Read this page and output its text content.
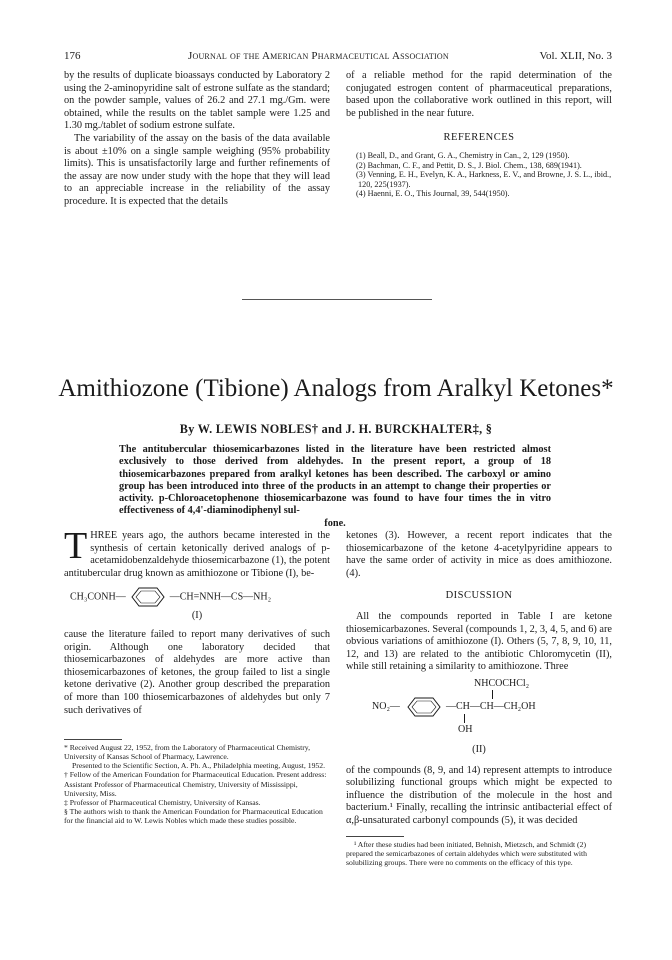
176	Journal of the American Pharmaceutical Association	Vol. XLII, No. 3

by the results of duplicate bioassays conducted by Laboratory 2 using the 2-aminopyridine salt of estrone sulfate as the standard; on the powder sample, values of 26.2 and 27.1 mg./Gm. were obtained, while the results on the tablet sample were 1.25 and 1.30 mg./tablet of sodium estrone sulfate.

The variability of the assay on the basis of the data available is about ±10% on a single sample weighing (95% probability limits). This is unsatisfactorily large and further refinements of the assay are now under study with the hope that they will lead to an appreciable increase in the reliability of the assay procedure. It is expected that the details

of a reliable method for the rapid determination of the conjugated estrogen content of pharmaceutical preparations, based upon the collaborative work outlined in this report, will be published in the near future.

REFERENCES

(1) Beall, D., and Grant, G. A., Chemistry in Can., 2, 129 (1950).

(2) Bachman, C. F., and Pettit, D. S., J. Biol. Chem., 138, 689(1941).

(3) Venning, E. H., Evelyn, K. A., Harkness, E. V., and Browne, J. S. L., ibid., 120, 225(1937).

(4) Haenni, E. O., This Journal, 39, 544(1950).

Amithiozone (Tibione) Analogs from Aralkyl Ketones*
By W. LEWIS NOBLES† and J. H. BURCKHALTER‡, §

The antitubercular thiosemicarbazones listed in the literature have been restricted almost exclusively to those derived from aldehydes. In the present report, a group of 18 thiosemicarbazones prepared from aralkyl ketones has been described. The carboxyl or amino group has been introduced into three of the products in an attempt to change their properties or activity. p-Chloroacetophenone thiosemicarbazone was found to have four times the in vitro effectiveness of 4,4'-diaminodiphenyl sul-

fone.

THREE years ago, the authors became interested in the synthesis of certain ketonically derived analogs of p-acetamidobenzaldehyde thiosemicarbazone (1), the potent antitubercular drug known as amithiozone or Tibione (I), be-

CH₃CONH—	—CH=NNH—CS—NH₂

(I)

cause the literature failed to report many derivatives of such origin. Although one laboratory decided that thiosemicarbazones of aldehydes are more active than thiosemicarbazones of ketones, the group failed to list a single ketone derivative (2). Another group described the preparation of more than 100 thiosemicarbazones of aldehydes but only 7 such derivatives of

* Received August 22, 1952, from the Laboratory of Pharmaceutical Chemistry, University of Kansas School of Pharmacy, Lawrence.

Presented to the Scientific Section, A. Ph. A., Philadelphia meeting, August, 1952.

† Fellow of the American Foundation for Pharmaceutical Education. Present address: Assistant Professor of Pharmaceutical Chemistry, University of Mississippi, University, Miss.

‡ Professor of Pharmaceutical Chemistry, University of Kansas.

§ The authors wish to thank the American Foundation for Pharmaceutical Education for the financial aid to W. Lewis Nobles which made these studies possible.

ketones (3). However, a recent report indicates that the thiosemicarbazone of the ketone 4-acetylpyridine appears to have the same order of activity in mice as does amithiozone. (4).

DISCUSSION

All the compounds reported in Table I are ketone thiosemicarbazones. Several (compounds 1, 2, 3, 4, 5, and 6) are obvious variations of amithiozone (I). Others (5, 7, 8, 9, 10, 11, 12, and 13) are related to the antibiotic Chloromycetin (II), while still retaining a similarity to amithiozone. Three

NHCOCHCl₂
NO₂—	—CH—CH—CH₂OH
OH

(II)

of the compounds (8, 9, and 14) represent attempts to introduce solubilizing functional groups which might be expected to influence the distribution of the molecule in the host and bacterium.¹ Finally, recalling the intrinsic antibacterial effect of α,β-unsaturated carbonyl compounds (5), it was decided

¹ After these studies had been initiated, Behnish, Mietzsch, and Schmidt (2) prepared the semicarbazones of certain aldehydes which were substituted with solubilizing groups. There were no comments on the efficacy of this type.
